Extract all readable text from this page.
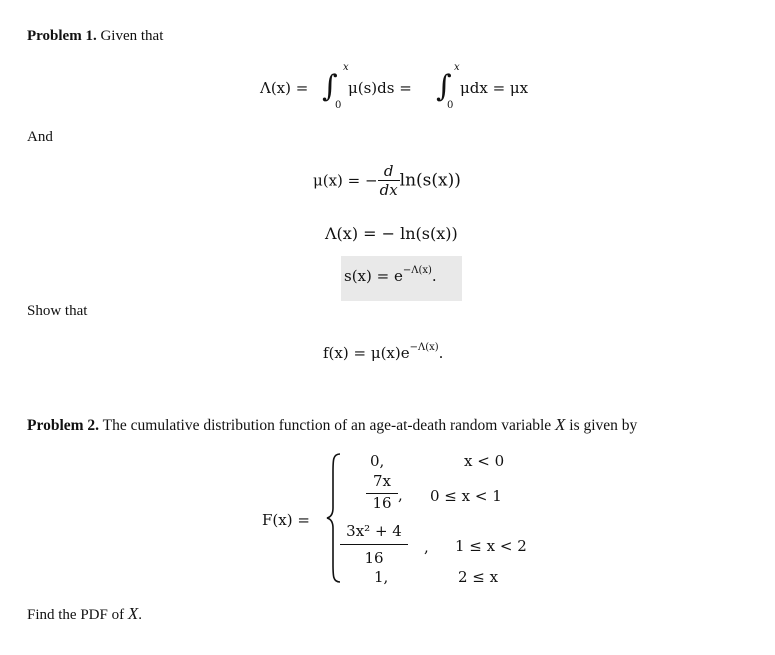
Problem 1. Given that
Λ(x) = ∫
x
0
μ(s)ds = ∫
x
0
μdx = μx
And
μ(x) = − $\frac{d}{dx} \ln(s(x))$
Λ(x) = − ln(s(x))
$s(x) = e^{-\Lambda(x)}$.
Show that
$f(x) = \mu(x)e^{-\Lambda(x)}$.
Problem 2. The cumulative distribution function of an age-at-death random variable X is given by
F(x) =
0,	x < 0
$\frac{7x}{16}$ , 0 ≤ x < 1
$\frac{\text{3x² + 4}}{16}$ , 1 ≤ x < 2
1,	2 ≤ x
Find the PDF of X.
